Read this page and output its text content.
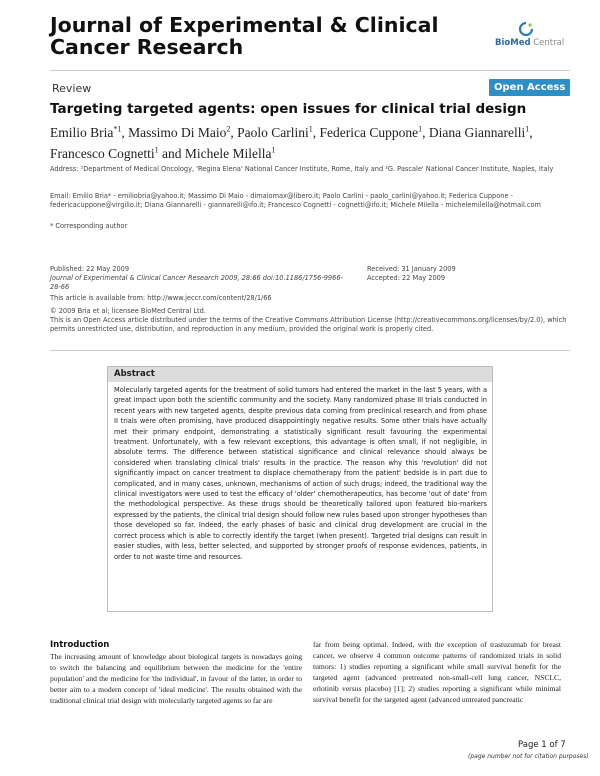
Journal of Experimental & Clinical Cancer Research	BioMed Central
Review	Open Access
Targeting targeted agents: open issues for clinical trial design
Emilio Bria$^{*1}$, Massimo Di Maio$^2$, Paolo Carlini$^1$, Federica Cuppone$^1$, Diana Giannarelli$^1$, Francesco Cognetti$^1$ and Michele Milella$^1$
Address: ¹Department of Medical Oncology, 'Regina Elena' National Cancer Institute, Rome, Italy and ²G. Pascale' National Cancer Institute, Naples, Italy
Email: Emilio Bria* - emiliobria@yahoo.it; Massimo Di Maio - dimaiomax@libero.it; Paolo Carlini - paolo_carlini@yahoo.it; Federica Cuppone - federicacuppone@virgilio.it; Diana Giannarelli - giannarelli@ifo.it; Francesco Cognetti - cognetti@ifo.it; Michele Milella - michelemilella@hotmail.com
* Corresponding author
Published: 22 May 2009
Journal of Experimental & Clinical Cancer Research 2009, 28:66 doi:10.1186/1756-9966-28-66
Received: 31 January 2009
Accepted: 22 May 2009
This article is available from: http://www.jeccr.com/content/28/1/66
© 2009 Bria et al; licensee BioMed Central Ltd.
This is an Open Access article distributed under the terms of the Creative Commons Attribution License (http://creativecommons.org/licenses/by/2.0), which permits unrestricted use, distribution, and reproduction in any medium, provided the original work is properly cited.
Abstract
Molecularly targeted agents for the treatment of solid tumors had entered the market in the last 5 years, with a great impact upon both the scientific community and the society. Many randomized phase III trials conducted in recent years with new targeted agents, despite previous data coming from preclinical research and from phase II trials were often promising, have produced disappointingly negative results. Some other trials have actually met their primary endpoint, demonstrating a statistically significant result favouring the experimental treatment. Unfortunately, with a few relevant exceptions, this advantage is often small, if not negligible, in absolute terms. The difference between statistical significance and clinical relevance should always be considered when translating clinical trials' results in the practice. The reason why this 'revolution' did not significantly impact on cancer treatment to displace chemotherapy from the patient' bedside is in part due to complicated, and in many cases, unknown, mechanisms of action of such drugs; indeed, the traditional way the clinical investigators were used to test the efficacy of 'older' chemotherapeutics, has become 'out of date' from the methodological perspective. As these drugs should be theoretically tailored upon featured bio-markers expressed by the patients, the clinical trial design should follow new rules based upon stronger hypotheses than those developed so far. Indeed, the early phases of basic and clinical drug development are crucial in the correct process which is able to correctly identify the target (when present). Targeted trial designs can result in easier studies, with less, better selected, and supported by stronger proofs of response evidences, patients, in order to not waste time and resources.
Introduction
The increasing amount of knowledge about biological targets is nowadays going to switch the balancing and equilibrium between the medicine for the 'entire population' and the medicine for 'the individual', in favour of the latter, in order to better aim to a modern concept of 'ideal medicine'. The results obtained with the traditional clinical trial design with molecularly targeted agents so far are
far from being optimal. Indeed, with the exception of trastuzumab for breast cancer, we observe 4 common outcome patterns of randomized trials in solid tumors: 1) studies reporting a significant while small survival benefit for the targeted agent (advanced pretreated non-small-cell lung cancer, NSCLC, erlotinib versus placebo) [1]; 2) studies reporting a significant while minimal survival benefit for the targeted agent (advanced untreated pancreatic
Page 1 of 7
(page number not for citation purposes)
